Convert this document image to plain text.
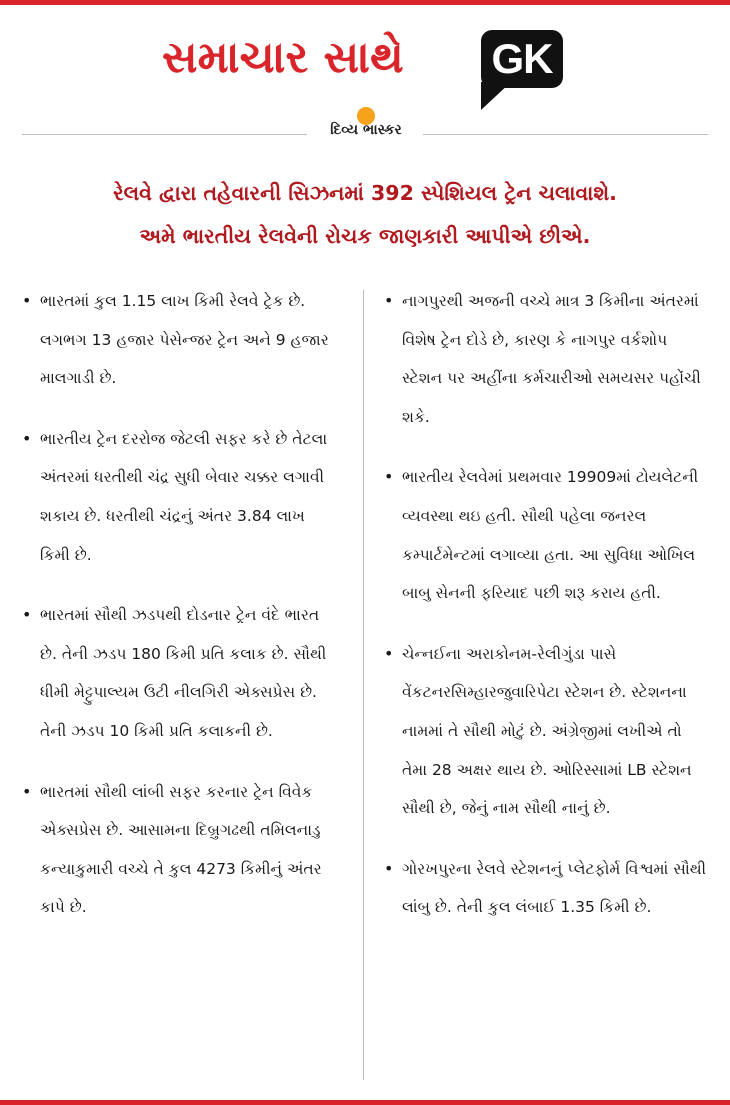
સમાચાર સાથે GK
દિવ્ય ભાસ્કર
રેલવે દ્વારા તહેવારની સિઝનમાં 392 સ્પેશિયલ ટ્રેન ચલાવાશે.
અમે ભારતીય રેલવેની રોચક જાણકારી આપીએ છીએ.
• ભારતમાં કુલ 1.15 લાખ કિમી રેલવે ટ્રેક છે. લગભગ 13 હજાર પેસેન્જર ટ્રેન અને 9 હજાર માલગાડી છે.
• ભારતીય ટ્રેન દરરોજ જેટલી સફર કરે છે તેટલા અંતરમાં ધરતીથી ચંદ્ર સુધી બેવાર ચક્કર લગાવી શકાય છે. ધરતીથી ચંદ્રનું અંતર 3.84 લાખ કિમી છે.
• ભારતમાં સૌથી ઝડપથી દોડનાર ટ્રેન વંદે ભારત છે. તેની ઝડપ 180 કિમી પ્રતિ કલાક છે. સૌથી ધીમી મેટ્ટુપાલ્યમ ઉટી નીલગિરી એક્સપ્રેસ છે. તેની ઝડપ 10 કિમી પ્રતિ કલાકની છે.
• ભારતમાં સૌથી લાંબી સફર કરનાર ટ્રેન વિવેક એક્સપ્રેસ છે. આસામના દિબ્રુગઢથી તમિલનાડુ કન્યાકુમારી વચ્ચે તે કુલ 4273 કિમીનું અંતર કાપે છે.
• નાગપુરથી અજની વચ્ચે માત્ર 3 કિમીના અંતરમાં વિશેષ ટ્રેન દોડે છે, કારણ કે નાગપુર વર્કશોપ સ્ટેશન પર અહીંના કર્મચારીઓ સમયસર પહોંચી શકે.
• ભારતીય રેલવેમાં પ્રથમવાર 19909માં ટોયલેટની વ્યવસ્થા થઇ હતી. સૌથી પહેલા જનરલ કમ્પાર્ટમેન્ટમાં લગાવ્યા હતા. આ સુવિધા ઓખિલ બાબુ સેનની ફરિયાદ પછી શરૂ કરાય હતી.
• ચેન્નઈના અરાકોનમ-રેલીગુંડા પાસે વેંકટનરસિમ્હારજુવારિપેટા સ્ટેશન છે. સ્ટેશનના નામમાં તે સૌથી મોટું છે. અંગ્રેજીમાં લખીએ તો તેમા 28 અક્ષર થાય છે. ઓરિસ્સામાં LB સ્ટેશન સૌથી છે, જેનું નામ સૌથી નાનું છે.
• ગોરખપુરના રેલવે સ્ટેશનનું પ્લેટફોર્મ વિશ્વમાં સૌથી લાંબુ છે. તેની કુલ લંબાઈ 1.35 કિમી છે.
